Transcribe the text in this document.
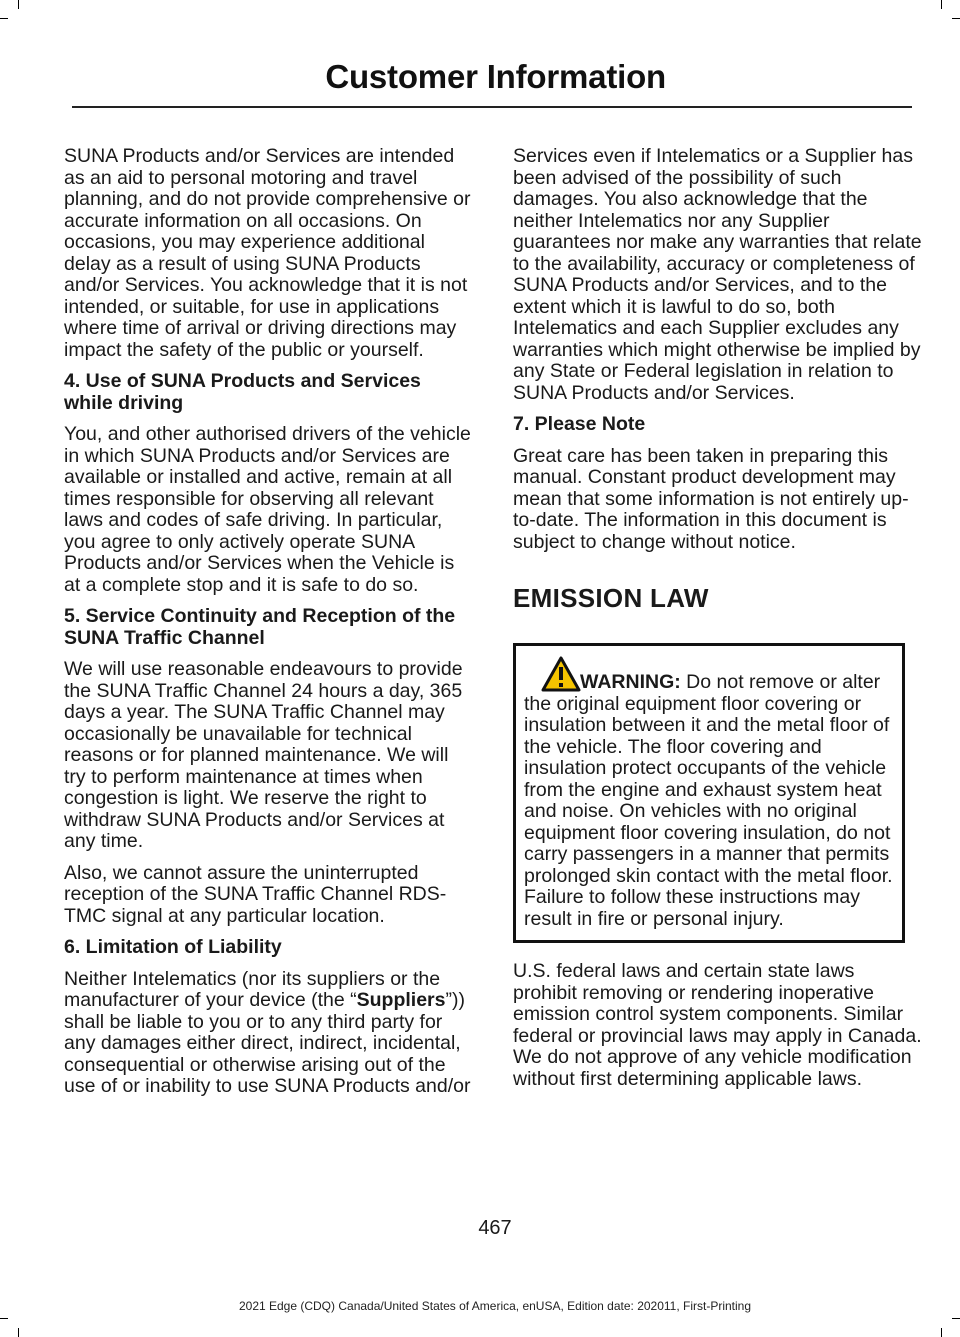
Customer Information

SUNA Products and/or Services are intended as an aid to personal motoring and travel planning, and do not provide comprehensive or accurate information on all occasions. On occasions, you may experience additional delay as a result of using SUNA Products and/or Services. You acknowledge that it is not intended, or suitable, for use in applications where time of arrival or driving directions may impact the safety of the public or yourself.

4. Use of SUNA Products and Services while driving

You, and other authorised drivers of the vehicle in which SUNA Products and/or Services are available or installed and active, remain at all times responsible for observing all relevant laws and codes of safe driving. In particular, you agree to only actively operate SUNA Products and/or Services when the Vehicle is at a complete stop and it is safe to do so.

5. Service Continuity and Reception of the SUNA Traffic Channel

We will use reasonable endeavours to provide the SUNA Traffic Channel 24 hours a day, 365 days a year. The SUNA Traffic Channel may occasionally be unavailable for technical reasons or for planned maintenance. We will try to perform maintenance at times when congestion is light. We reserve the right to withdraw SUNA Products and/or Services at any time.

Also, we cannot assure the uninterrupted reception of the SUNA Traffic Channel RDS-TMC signal at any particular location.

6. Limitation of Liability

Neither Intelematics (nor its suppliers or the manufacturer of your device (the “Suppliers”)) shall be liable to you or to any third party for any damages either direct, indirect, incidental, consequential or otherwise arising out of the use of or inability to use SUNA Products and/or

Services even if Intelematics or a Supplier has been advised of the possibility of such damages. You also acknowledge that the neither Intelematics nor any Supplier guarantees nor make any warranties that relate to the availability, accuracy or completeness of SUNA Products and/or Services, and to the extent which it is lawful to do so, both Intelematics and each Supplier excludes any warranties which might otherwise be implied by any State or Federal legislation in relation to SUNA Products and/or Services.

7. Please Note

Great care has been taken in preparing this manual. Constant product development may mean that some information is not entirely up-to-date. The information in this document is subject to change without notice.

EMISSION LAW

WARNING: Do not remove or alter the original equipment floor covering or insulation between it and the metal floor of the vehicle. The floor covering and insulation protect occupants of the vehicle from the engine and exhaust system heat and noise. On vehicles with no original equipment floor covering insulation, do not carry passengers in a manner that permits prolonged skin contact with the metal floor. Failure to follow these instructions may result in fire or personal injury.

U.S. federal laws and certain state laws prohibit removing or rendering inoperative emission control system components. Similar federal or provincial laws may apply in Canada. We do not approve of any vehicle modification without first determining applicable laws.

467

2021 Edge (CDQ) Canada/United States of America, enUSA, Edition date: 202011, First-Printing
